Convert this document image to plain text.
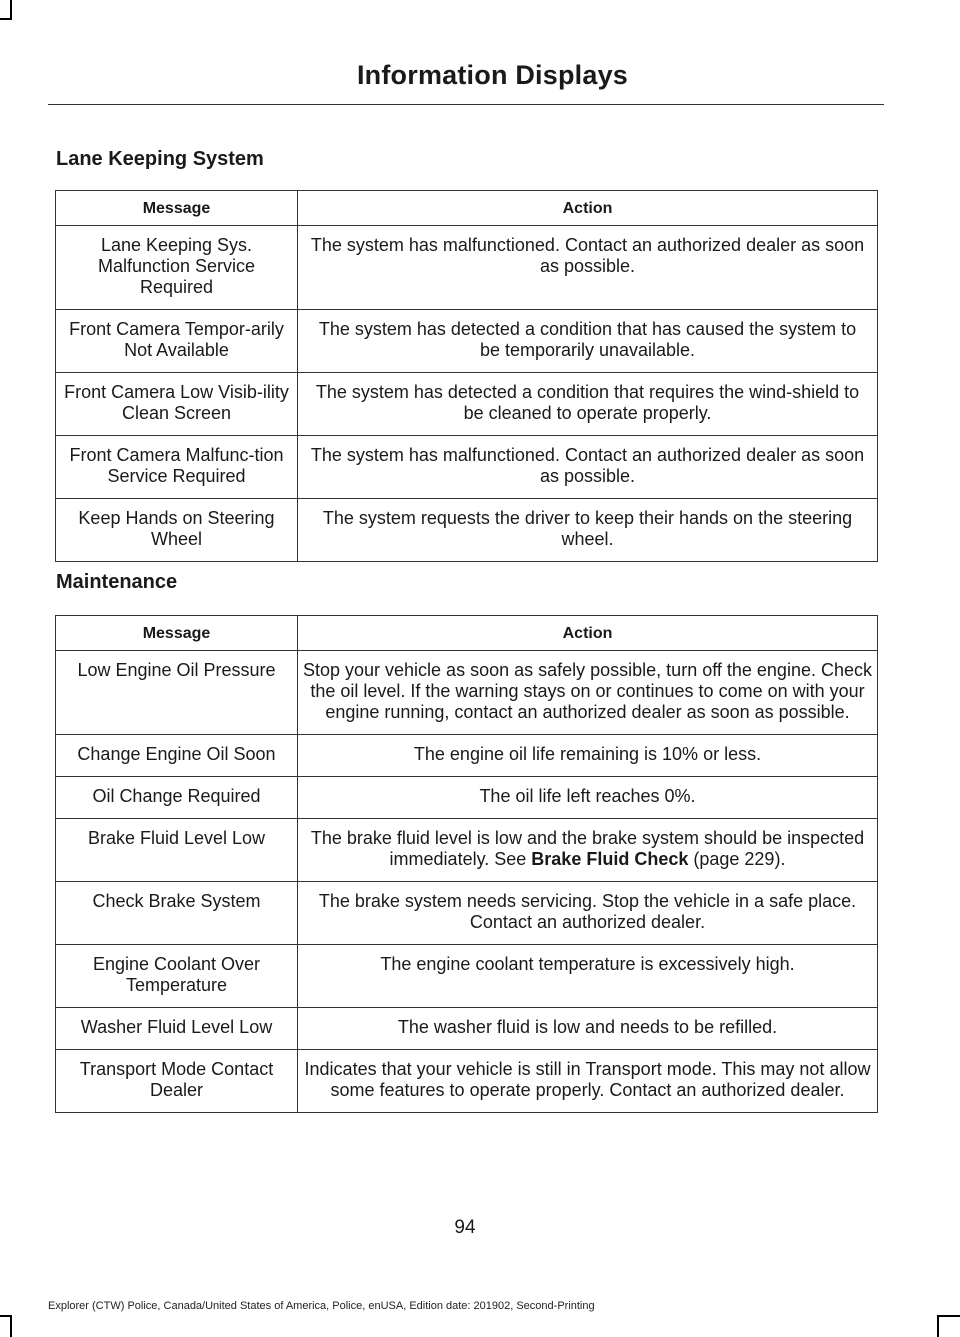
Information Displays
Lane Keeping System
Message	Action
Lane Keeping Sys. Malfunction Service Required	The system has malfunctioned. Contact an authorized dealer as soon as possible.
Front Camera Tempor-arily Not Available	The system has detected a condition that has caused the system to be temporarily unavailable.
Front Camera Low Visib-ility Clean Screen	The system has detected a condition that requires the wind-shield to be cleaned to operate properly.
Front Camera Malfunc-tion Service Required	The system has malfunctioned. Contact an authorized dealer as soon as possible.
Keep Hands on Steering Wheel	The system requests the driver to keep their hands on the steering wheel.
Maintenance
Message	Action
Low Engine Oil Pressure	Stop your vehicle as soon as safely possible, turn off the engine. Check the oil level. If the warning stays on or continues to come on with your engine running, contact an authorized dealer as soon as possible.
Change Engine Oil Soon	The engine oil life remaining is 10% or less.
Oil Change Required	The oil life left reaches 0%.
Brake Fluid Level Low	The brake fluid level is low and the brake system should be inspected immediately. See Brake Fluid Check (page 229).
Check Brake System	The brake system needs servicing. Stop the vehicle in a safe place. Contact an authorized dealer.
Engine Coolant Over Temperature	The engine coolant temperature is excessively high.
Washer Fluid Level Low	The washer fluid is low and needs to be refilled.
Transport Mode Contact Dealer	Indicates that your vehicle is still in Transport mode. This may not allow some features to operate properly. Contact an authorized dealer.
94
Explorer (CTW) Police, Canada/United States of America, Police, enUSA, Edition date: 201902, Second-Printing
